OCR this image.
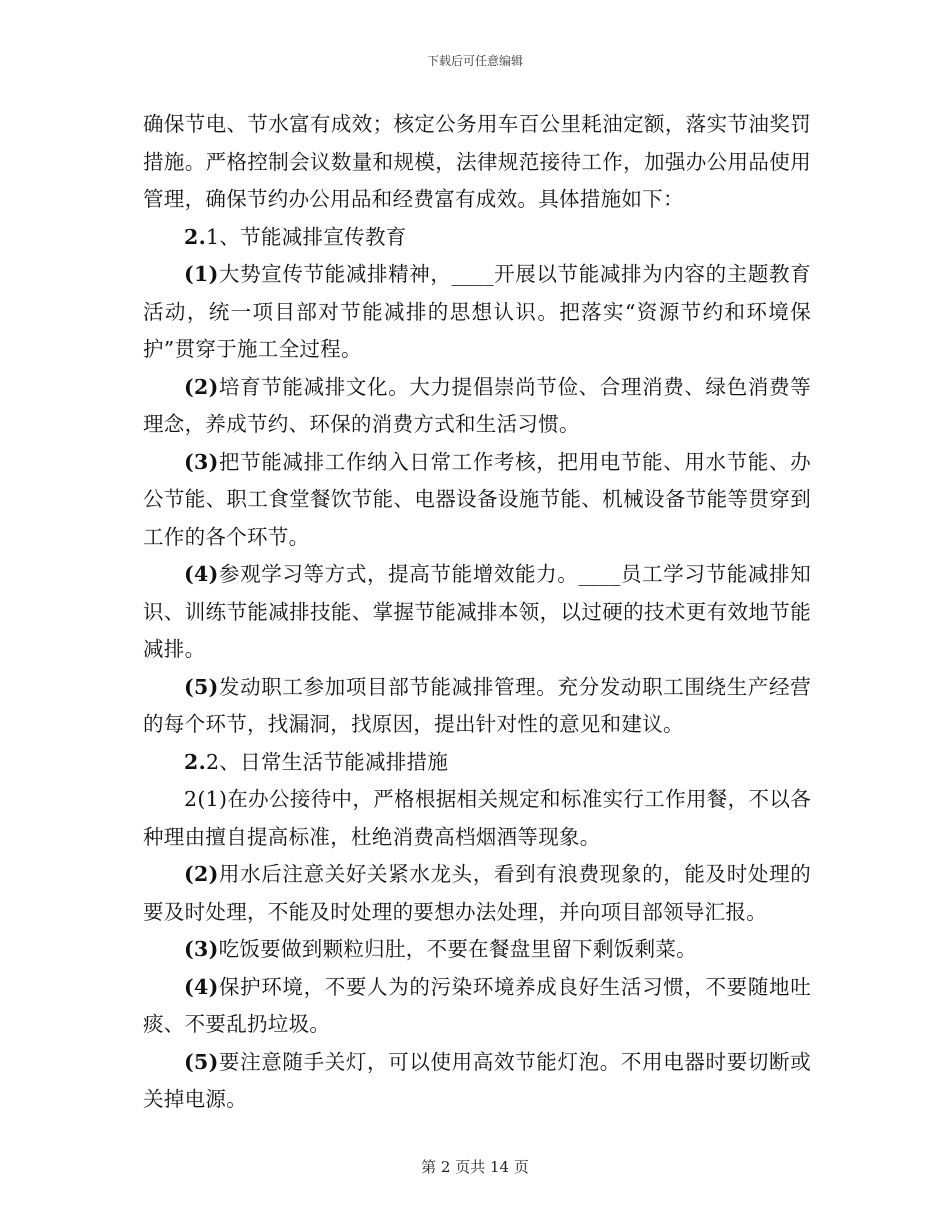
下载后可任意编辑

确保节电、节水富有成效；核定公务用车百公里耗油定额，落实节油奖罚措施。严格控制会议数量和规模，法律规范接待工作，加强办公用品使用管理，确保节约办公用品和经费富有成效。具体措施如下：

2.1、节能减排宣传教育

(1)大势宣传节能减排精神，____开展以节能减排为内容的主题教育活动，统一项目部对节能减排的思想认识。把落实“资源节约和环境保护”贯穿于施工全过程。

(2)培育节能减排文化。大力提倡崇尚节俭、合理消费、绿色消费等理念，养成节约、环保的消费方式和生活习惯。

(3)把节能减排工作纳入日常工作考核，把用电节能、用水节能、办公节能、职工食堂餐饮节能、电器设备设施节能、机械设备节能等贯穿到工作的各个环节。

(4)参观学习等方式，提高节能增效能力。____员工学习节能减排知识、训练节能减排技能、掌握节能减排本领，以过硬的技术更有效地节能减排。

(5)发动职工参加项目部节能减排管理。充分发动职工围绕生产经营的每个环节，找漏洞，找原因，提出针对性的意见和建议。

2.2、日常生活节能减排措施

2(1)在办公接待中，严格根据相关规定和标准实行工作用餐，不以各种理由擅自提高标准，杜绝消费高档烟酒等现象。

(2)用水后注意关好关紧水龙头，看到有浪费现象的，能及时处理的要及时处理，不能及时处理的要想办法处理，并向项目部领导汇报。

(3)吃饭要做到颗粒归肚，不要在餐盘里留下剩饭剩菜。

(4)保护环境，不要人为的污染环境养成良好生活习惯，不要随地吐痰、不要乱扔垃圾。

(5)要注意随手关灯，可以使用高效节能灯泡。不用电器时要切断或关掉电源。

第 2 页共 14 页
